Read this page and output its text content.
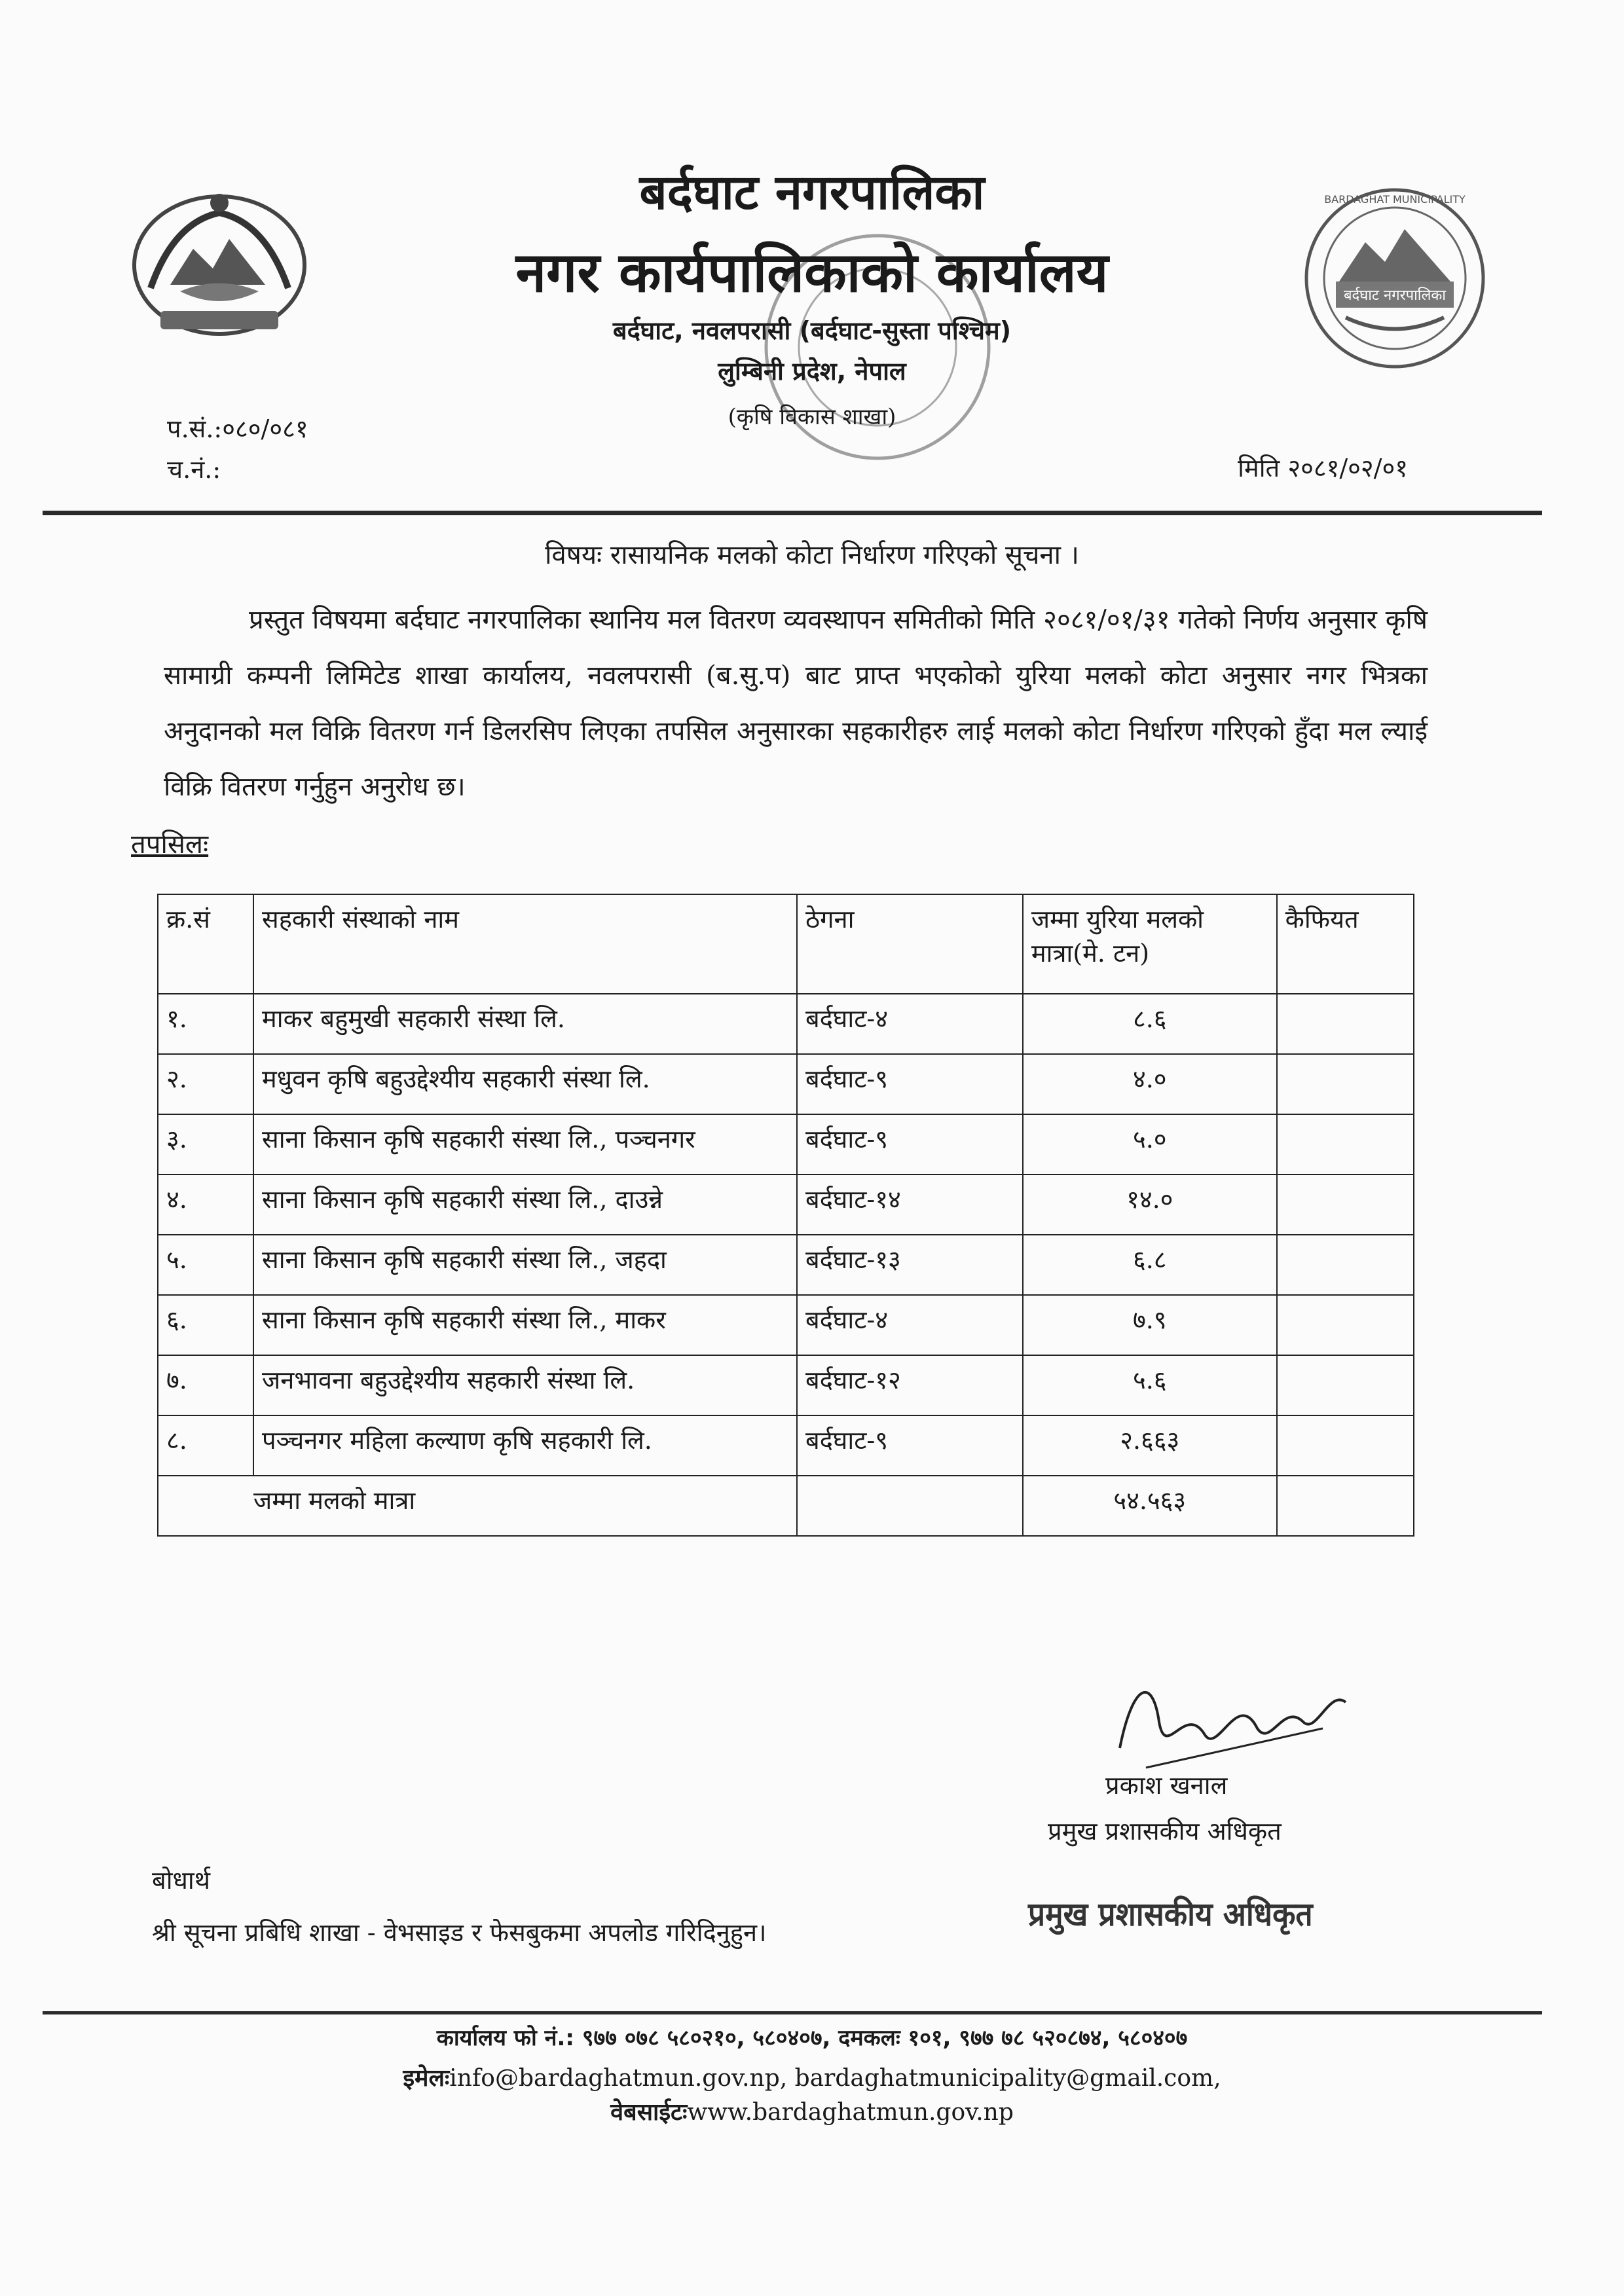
बर्दघाट नगरपालिका
BARDAGHAT MUNICIPALITY
बर्दघाट नगरपालिका
नगर कार्यपालिकाको कार्यालय
बर्दघाट, नवलपरासी (बर्दघाट-सुस्ता पश्चिम)
लुम्बिनी प्रदेश, नेपाल
(कृषि विकास शाखा)
प.सं.:०८०/०८१
च.नं.:	मिति २०८१/०२/०१
विषयः रासायनिक मलको कोटा निर्धारण गरिएको सूचना ।

प्रस्तुत विषयमा बर्दघाट नगरपालिका स्थानिय मल वितरण व्यवस्थापन समितीको मिति २०८१/०१/३१ गतेको निर्णय अनुसार कृषि सामाग्री कम्पनी लिमिटेड शाखा कार्यालय, नवलपरासी (ब.सु.प) बाट प्राप्त भएकोको युरिया मलको कोटा अनुसार नगर भित्रका अनुदानको मल विक्रि वितरण गर्न डिलरसिप लिएका तपसिल अनुसारका सहकारीहरु लाई मलको कोटा निर्धारण गरिएको हुँदा मल ल्याई विक्रि वितरण गर्नुहुन अनुरोध छ।

तपसिलः
क्र.सं	सहकारी संस्थाको नाम	ठेगना	जम्मा युरिया मलको मात्रा(मे. टन)	कैफियत
१.	माकर बहुमुखी सहकारी संस्था लि.	बर्दघाट-४	८.६	
२.	मधुवन कृषि बहुउद्देश्यीय सहकारी संस्था लि.	बर्दघाट-९	४.०	
३.	साना किसान कृषि सहकारी संस्था लि., पञ्चनगर	बर्दघाट-९	५.०	
४.	साना किसान कृषि सहकारी संस्था लि., दाउन्ने	बर्दघाट-१४	१४.०	
५.	साना किसान कृषि सहकारी संस्था लि., जहदा	बर्दघाट-१३	६.८	
६.	साना किसान कृषि सहकारी संस्था लि., माकर	बर्दघाट-४	७.९	
७.	जनभावना बहुउद्देश्यीय सहकारी संस्था लि.	बर्दघाट-१२	५.६	
८.	पञ्चनगर महिला कल्याण कृषि सहकारी लि.	बर्दघाट-९	२.६६३	
जम्मा मलको मात्रा			५४.५६३	
प्रकाश खनाल
प्रमुख प्रशासकीय अधिकृत
प्रमुख प्रशासकीय अधिकृत
बोधार्थ
श्री सूचना प्रबिधि शाखा - वेभसाइड र फेसबुकमा अपलोड गरिदिनुहुन।
कार्यालय फो नं.: ९७७ ०७८ ५८०२१०, ५८०४०७, दमकलः १०१, ९७७ ७८ ५२०८७४, ५८०४०७
इमेलःinfo@bardaghatmun.gov.np, bardaghatmunicipality@gmail.com,
वेबसाईटःwww.bardaghatmun.gov.np
